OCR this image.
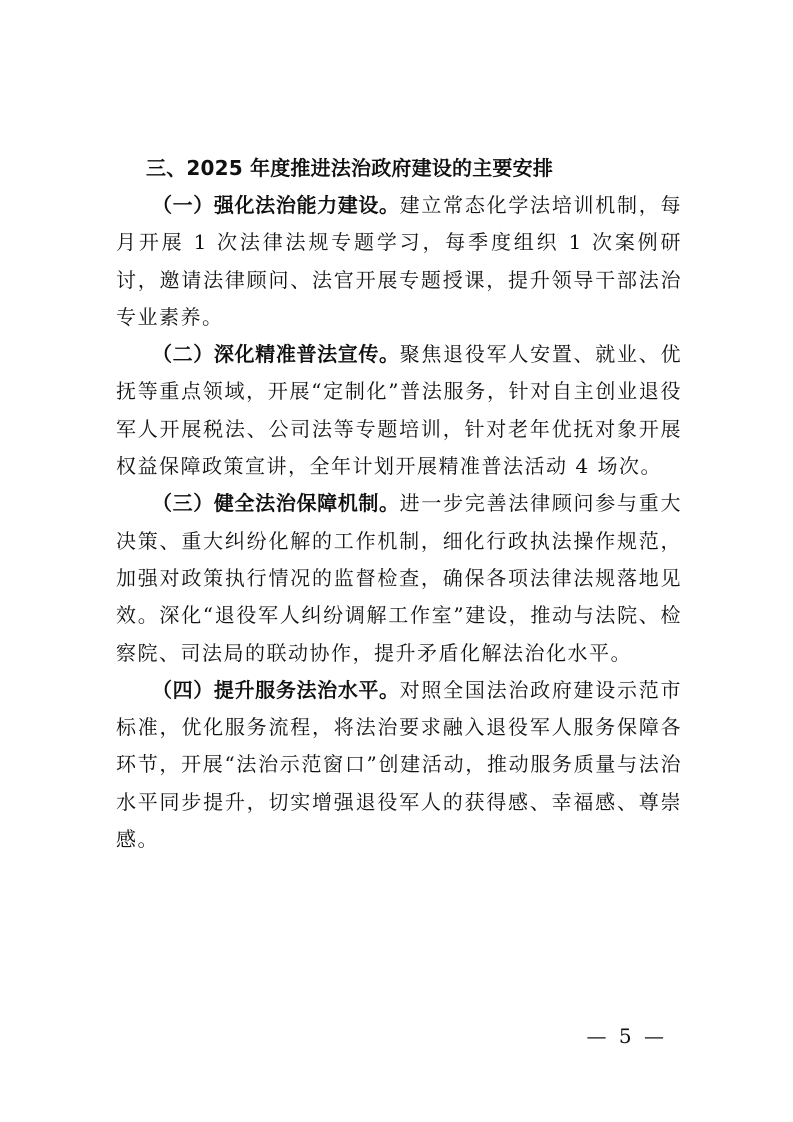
三、2025 年度推进法治政府建设的主要安排

（一）强化法治能力建设。建立常态化学法培训机制，每月开展 1 次法律法规专题学习，每季度组织 1 次案例研讨，邀请法律顾问、法官开展专题授课，提升领导干部法治专业素养。

（二）深化精准普法宣传。聚焦退役军人安置、就业、优抚等重点领域，开展“定制化”普法服务，针对自主创业退役军人开展税法、公司法等专题培训，针对老年优抚对象开展权益保障政策宣讲，全年计划开展精准普法活动 4 场次。

（三）健全法治保障机制。进一步完善法律顾问参与重大决策、重大纠纷化解的工作机制，细化行政执法操作规范，加强对政策执行情况的监督检查，确保各项法律法规落地见效。深化“退役军人纠纷调解工作室”建设，推动与法院、检察院、司法局的联动协作，提升矛盾化解法治化水平。

（四）提升服务法治水平。对照全国法治政府建设示范市标准，优化服务流程，将法治要求融入退役军人服务保障各环节，开展“法治示范窗口”创建活动，推动服务质量与法治水平同步提升，切实增强退役军人的获得感、幸福感、尊崇感。

— 5 —
